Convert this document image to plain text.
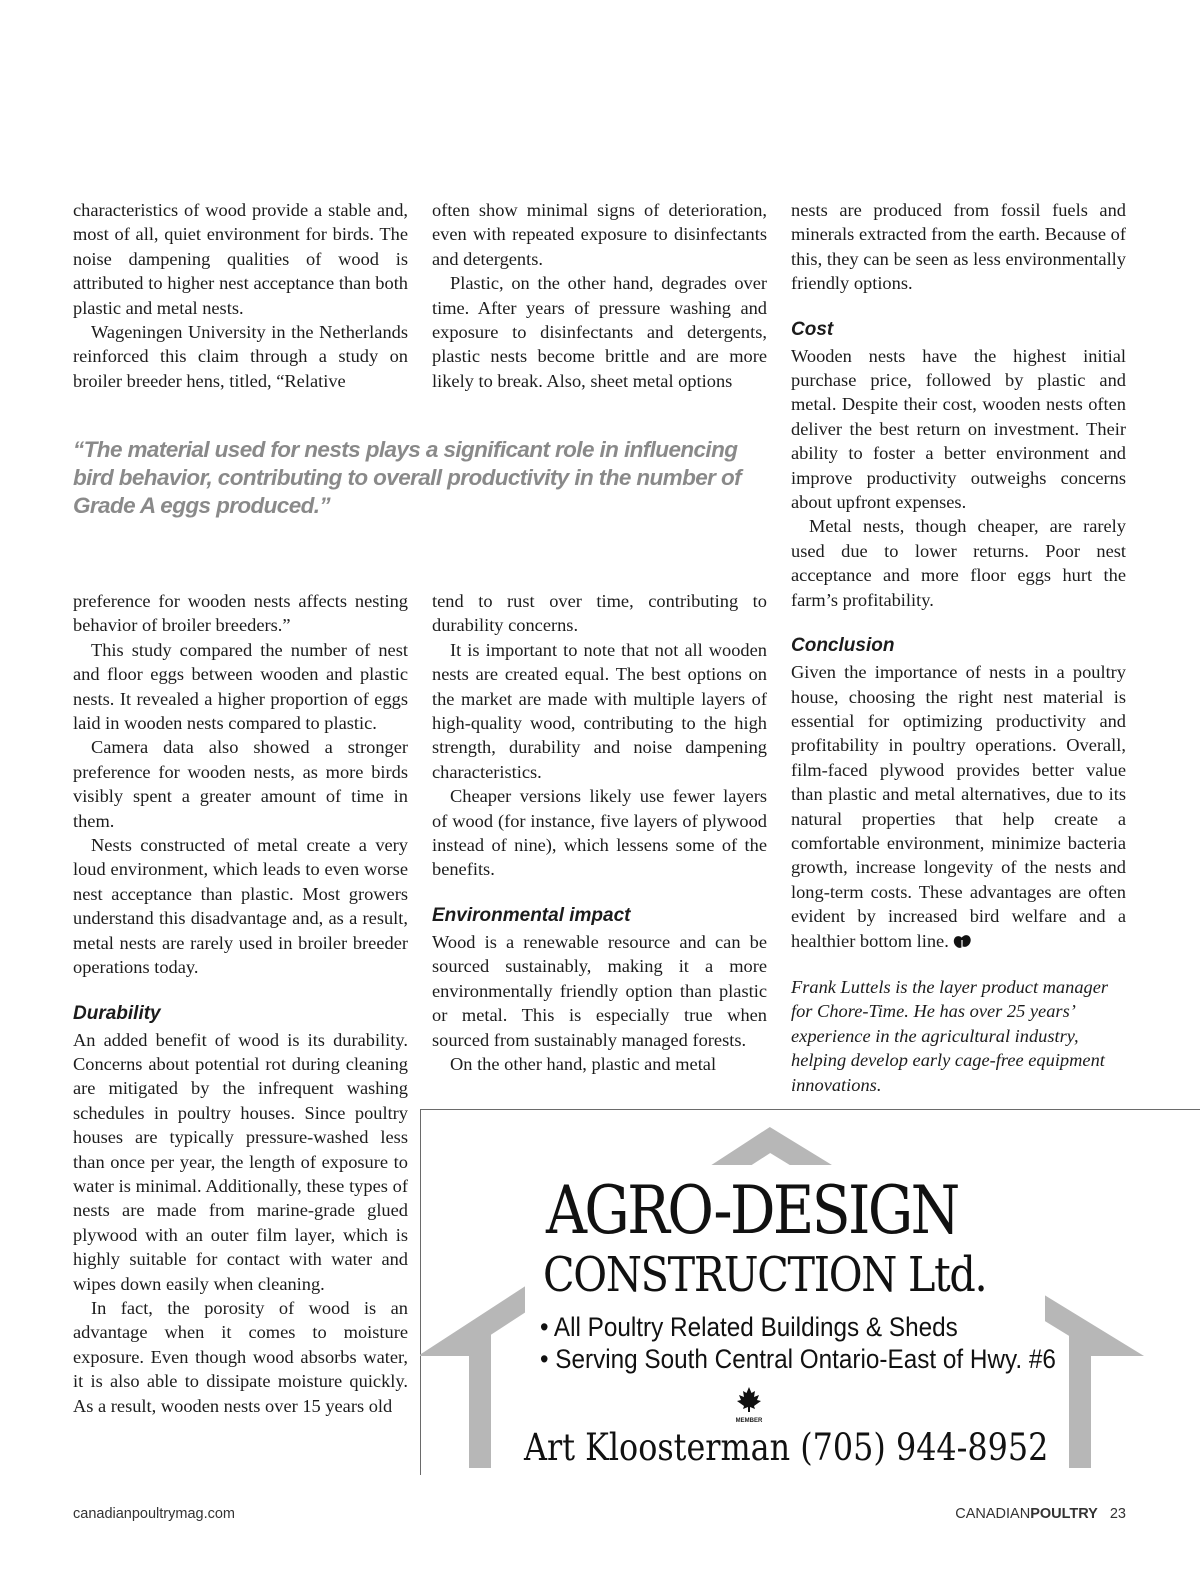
characteristics of wood provide a stable and, most of all, quiet environment for birds. The noise dampening qualities of wood is attributed to higher nest acceptance than both plastic and metal nests.

Wageningen University in the Netherlands reinforced this claim through a study on broiler breeder hens, titled, “Relative

often show minimal signs of deterioration, even with repeated exposure to disinfectants and detergents.

Plastic, on the other hand, degrades over time. After years of pressure washing and exposure to disinfectants and detergents, plastic nests become brittle and are more likely to break. Also, sheet metal options

“The material used for nests plays a significant role in influencing bird behavior, contributing to overall productivity in the number of Grade A eggs produced.”

preference for wooden nests affects nesting behavior of broiler breeders.”

This study compared the number of nest and floor eggs between wooden and plastic nests. It revealed a higher proportion of eggs laid in wooden nests compared to plastic.

Camera data also showed a stronger preference for wooden nests, as more birds visibly spent a greater amount of time in them.

Nests constructed of metal create a very loud environment, which leads to even worse nest acceptance than plastic. Most growers understand this disadvantage and, as a result, metal nests are rarely used in broiler breeder operations today.

Durability

An added benefit of wood is its durability. Concerns about potential rot during cleaning are mitigated by the infrequent washing schedules in poultry houses. Since poultry houses are typically pressure-washed less than once per year, the length of exposure to water is minimal. Additionally, these types of nests are made from marine-grade glued plywood with an outer film layer, which is highly suitable for contact with water and wipes down easily when cleaning.

In fact, the porosity of wood is an advantage when it comes to moisture exposure. Even though wood absorbs water, it is also able to dissipate moisture quickly. As a result, wooden nests over 15 years old

tend to rust over time, contributing to durability concerns.

It is important to note that not all wooden nests are created equal. The best options on the market are made with multiple layers of high-quality wood, contributing to the high strength, durability and noise dampening characteristics.

Cheaper versions likely use fewer layers of wood (for instance, five layers of plywood instead of nine), which lessens some of the benefits.

Environmental impact

Wood is a renewable resource and can be sourced sustainably, making it a more environmentally friendly option than plastic or metal. This is especially true when sourced from sustainably managed forests.

On the other hand, plastic and metal

nests are produced from fossil fuels and minerals extracted from the earth. Because of this, they can be seen as less environmentally friendly options.

Cost

Wooden nests have the highest initial purchase price, followed by plastic and metal. Despite their cost, wooden nests often deliver the best return on investment. Their ability to foster a better environment and improve productivity outweighs concerns about upfront expenses.

Metal nests, though cheaper, are rarely used due to lower returns. Poor nest acceptance and more floor eggs hurt the farm’s profitability.

Conclusion

Given the importance of nests in a poultry house, choosing the right nest material is essential for optimizing productivity and profitability in poultry operations. Overall, film-faced plywood provides better value than plastic and metal alternatives, due to its natural properties that help create a comfortable environment, minimize bacteria growth, increase longevity of the nests and long-term costs. These advantages are often evident by increased bird welfare and a healthier bottom line.

Frank Luttels is the layer product manager for Chore-Time. He has over 25 years’ experience in the agricultural industry, helping develop early cage-free equipment innovations.

AGRO-DESIGN
CONSTRUCTION Ltd.
• All Poultry Related Buildings & Sheds
• Serving South Central Ontario-East of Hwy. #6
MEMBER
Art Kloosterman (705) 944-8952
canadianpoultrymag.com	CANADIANPOULTRY 23
